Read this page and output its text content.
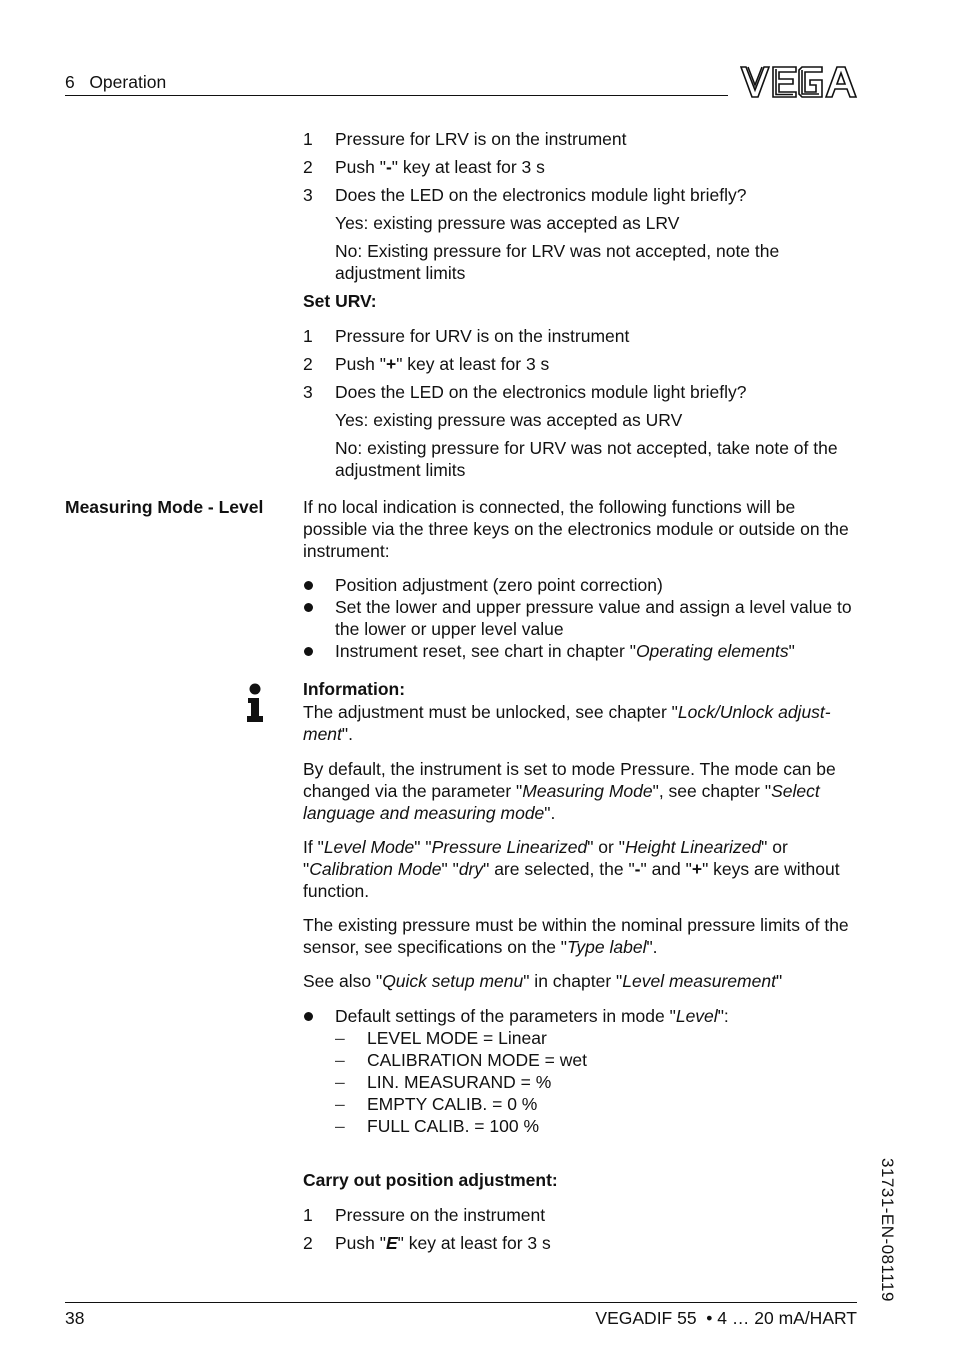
6   Operation
1 Pressure for LRV is on the instrument
2 Push "-" key at least for 3 s
3 Does the LED on the electronics module light briefly?
Yes: existing pressure was accepted as LRV
No: Existing pressure for LRV was not accepted, note the
adjustment limits
Set URV:
1 Pressure for URV is on the instrument
2 Push "+" key at least for 3 s
3 Does the LED on the electronics module light briefly?
Yes: existing pressure was accepted as URV
No: existing pressure for URV was not accepted, take note of the
adjustment limits
Measuring Mode - Level If no local indication is connected, the following functions will be
possible via the three keys on the electronics module or outside on the
instrument:
Position adjustment (zero point correction)
Set the lower and upper pressure value and assign a level value to
the lower or upper level value
Instrument reset, see chart in chapter "Operating elements"
Information:
The adjustment must be unlocked, see chapter "Lock/Unlock adjust-
ment".
By default, the instrument is set to mode Pressure. The mode can be
changed via the parameter "Measuring Mode", see chapter "Select
language and measuring mode".
If "Level Mode" "Pressure Linearized" or "Height Linearized" or
"Calibration Mode" "dry" are selected, the "-" and "+" keys are without
function.
The existing pressure must be within the nominal pressure limits of the
sensor, see specifications on the "Type label".
See also "Quick setup menu" in chapter "Level measurement"
Default settings of the parameters in mode "Level":
– LEVEL MODE = Linear
– CALIBRATION MODE = wet
– LIN. MEASURAND = %
– EMPTY CALIB. = 0 %
– FULL CALIB. = 100 %
Carry out position adjustment:
1 Pressure on the instrument
2 Push "E" key at least for 3 s	31731-EN-081119
38	VEGADIF 55  • 4 … 20 mA/HART
